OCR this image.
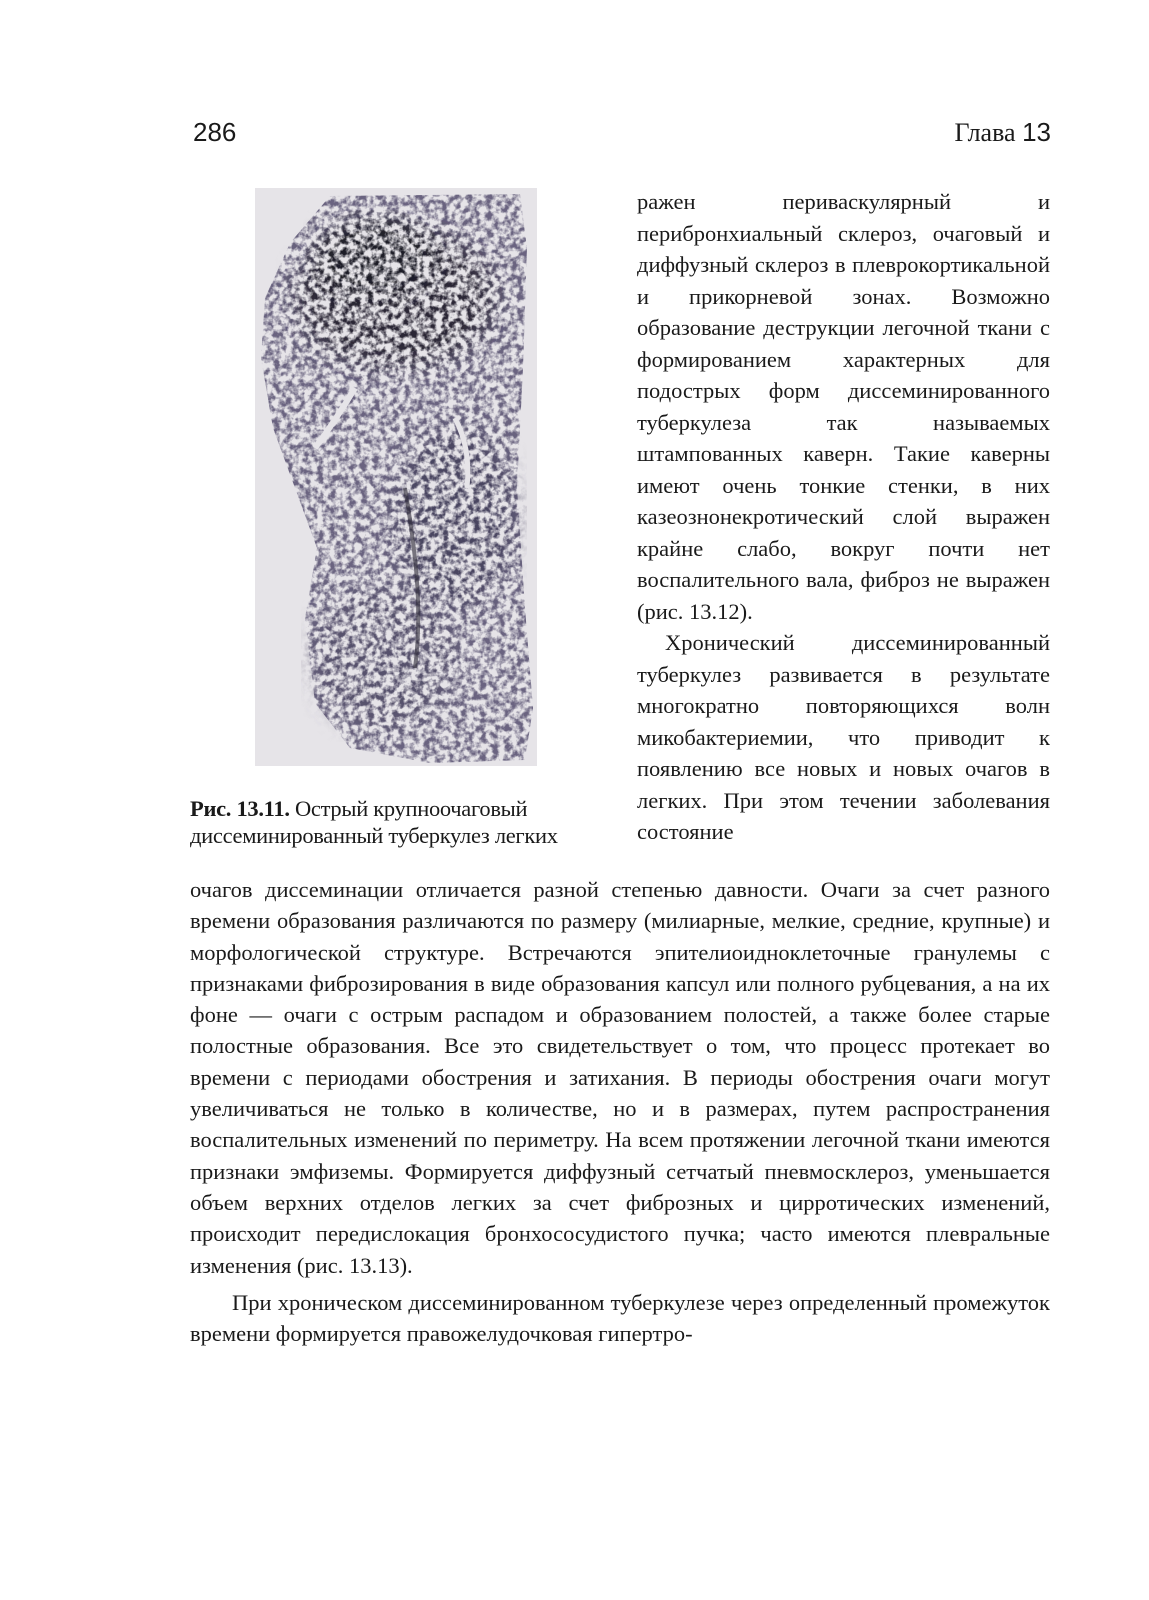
286	Глава 13
Рис. 13.11. Острый крупноочаговый диссеминированный туберкулез легких

ражен периваскулярный и перибронхиальный склероз, очаговый и диффузный склероз в плеврокортикальной и прикорневой зонах. Возможно образование деструкции легочной ткани с формированием характерных для подострых форм диссеминированного туберкулеза так называемых штампованных каверн. Такие каверны имеют очень тонкие стенки, в них казеознонекротический слой выражен крайне слабо, вокруг почти нет воспалительного вала, фиброз не выражен (рис. 13.12).

Хронический диссеминированный туберкулез развивается в результате многократно повторяющихся волн микобактериемии, что приводит к появлению все новых и новых очагов в легких. При этом течении заболевания состояние

очагов диссеминации отличается разной степенью давности. Очаги за счет разного времени образования различаются по размеру (милиарные, мелкие, средние, крупные) и морфологической структуре. Встречаются эпителиоидноклеточные гранулемы с признаками фиброзирования в виде образования капсул или полного рубцевания, а на их фоне — очаги с острым распадом и образованием полостей, а также более старые полостные образования. Все это свидетельствует о том, что процесс протекает во времени с периодами обострения и затихания. В периоды обострения очаги могут увеличиваться не только в количестве, но и в размерах, путем распространения воспалительных изменений по периметру. На всем протяжении легочной ткани имеются признаки эмфиземы. Формируется диффузный сетчатый пневмосклероз, уменьшается объем верхних отделов легких за счет фиброзных и цирротических изменений, происходит передислокация бронхососудистого пучка; часто имеются плевральные изменения (рис. 13.13).

При хроническом диссеминированном туберкулезе через определенный промежуток времени формируется правожелудочковая гипертро-
